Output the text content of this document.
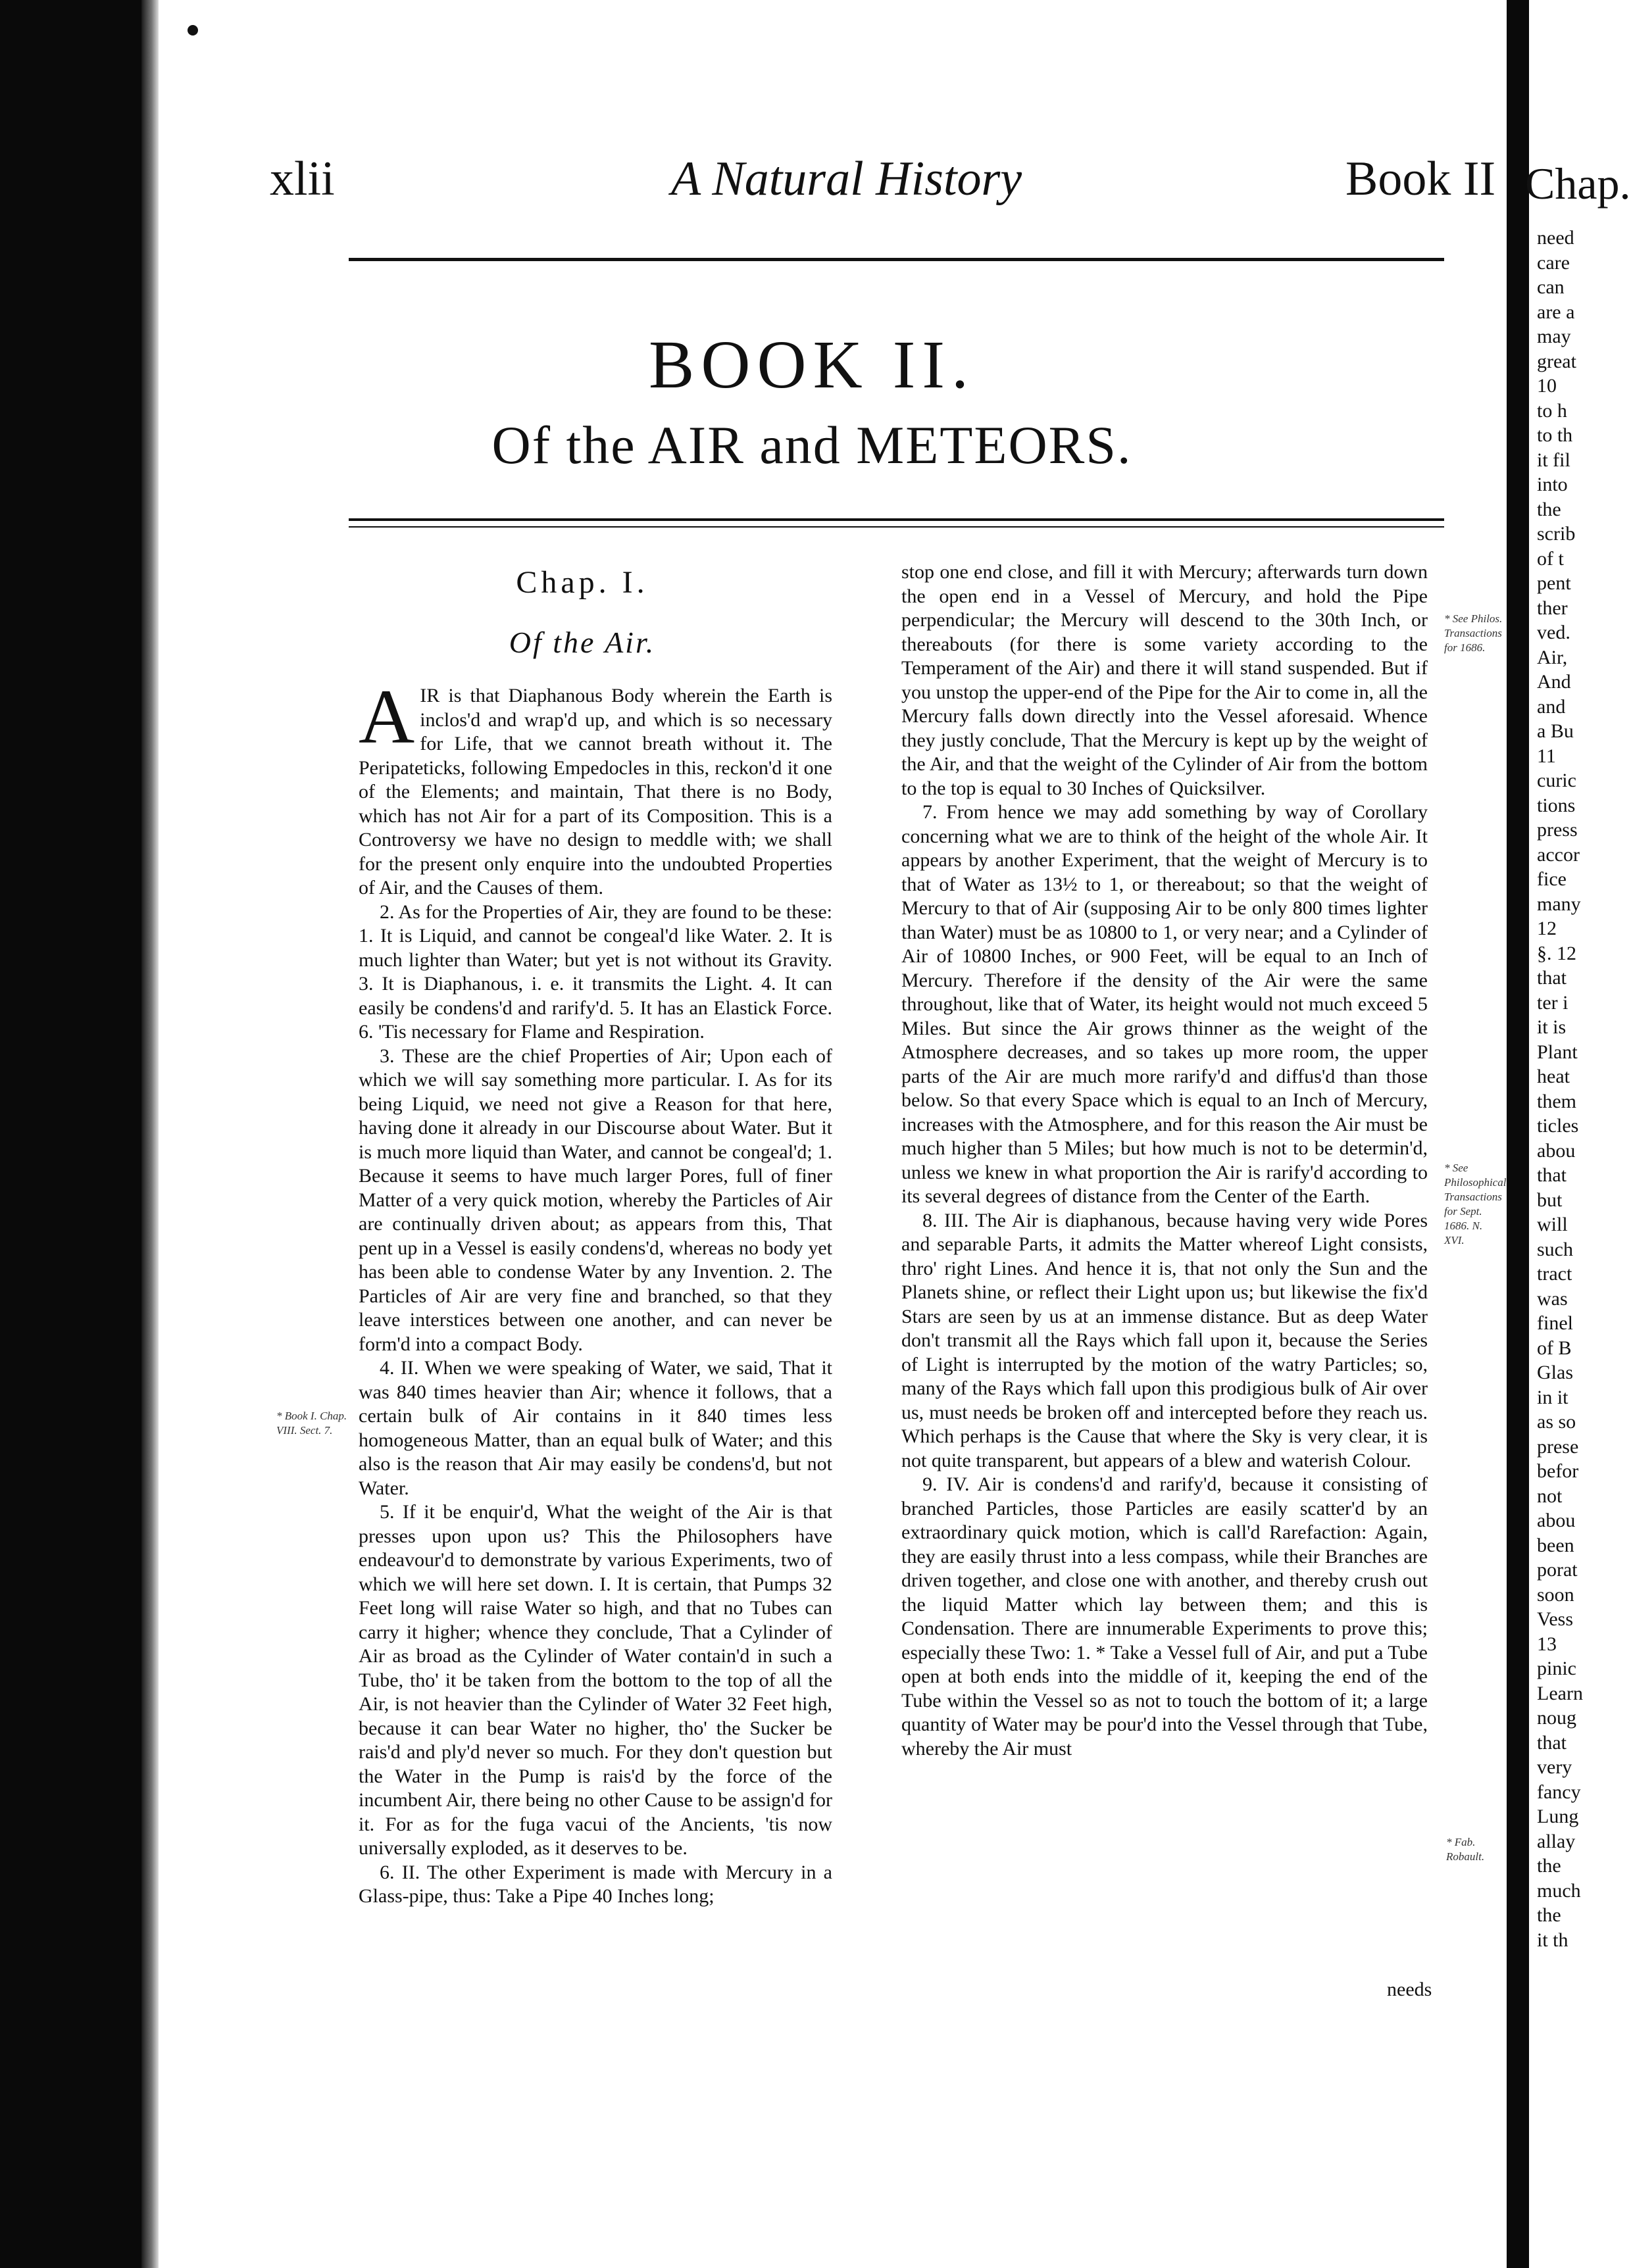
xlii	A Natural History	Book II
BOOK II.
Of the AIR and METEORS.
Chap. I.
Of the Air.

AIR is that Diaphanous Body wherein the Earth is inclos'd and wrap'd up, and which is so necessary for Life, that we cannot breath without it. The Peripateticks, following Empedocles in this, reckon'd it one of the Elements; and maintain, That there is no Body, which has not Air for a part of its Composition. This is a Controversy we have no design to meddle with; we shall for the present only enquire into the undoubted Properties of Air, and the Causes of them.

2. As for the Properties of Air, they are found to be these: 1. It is Liquid, and cannot be congeal'd like Water. 2. It is much lighter than Water; but yet is not without its Gravity. 3. It is Diaphanous, i. e. it transmits the Light. 4. It can easily be condens'd and rarify'd. 5. It has an Elastick Force. 6. 'Tis necessary for Flame and Respiration.

3. These are the chief Properties of Air; Upon each of which we will say something more particular. I. As for its being Liquid, we need not give a Reason for that here, having done it already in our Discourse about Water. But it is much more liquid than Water, and cannot be congeal'd; 1. Because it seems to have much larger Pores, full of finer Matter of a very quick motion, whereby the Particles of Air are continually driven about; as appears from this, That pent up in a Vessel is easily condens'd, whereas no body yet has been able to condense Water by any Invention. 2. The Particles of Air are very fine and branched, so that they leave interstices between one another, and can never be form'd into a compact Body.

4. II. When we were speaking of Water, we said, That it was 840 times heavier than Air; whence it follows, that a certain bulk of Air contains in it 840 times less homogeneous Matter, than an equal bulk of Water; and this also is the reason that Air may easily be condens'd, but not Water.

5. If it be enquir'd, What the weight of the Air is that presses upon upon us? This the Philosophers have endeavour'd to demonstrate by various Experiments, two of which we will here set down. I. It is certain, that Pumps 32 Feet long will raise Water so high, and that no Tubes can carry it higher; whence they conclude, That a Cylinder of Air as broad as the Cylinder of Water contain'd in such a Tube, tho' it be taken from the bottom to the top of all the Air, is not heavier than the Cylinder of Water 32 Feet high, because it can bear Water no higher, tho' the Sucker be rais'd and ply'd never so much. For they don't question but the Water in the Pump is rais'd by the force of the incumbent Air, there being no other Cause to be assign'd for it. For as for the fuga vacui of the Ancients, 'tis now universally exploded, as it deserves to be.

6. II. The other Experiment is made with Mercury in a Glass-pipe, thus: Take a Pipe 40 Inches long;

stop one end close, and fill it with Mercury; afterwards turn down the open end in a Vessel of Mercury, and hold the Pipe perpendicular; the Mercury will descend to the 30th Inch, or thereabouts (for there is some variety according to the Temperament of the Air) and there it will stand suspended. But if you unstop the upper-end of the Pipe for the Air to come in, all the Mercury falls down directly into the Vessel aforesaid. Whence they justly conclude, That the Mercury is kept up by the weight of the Air, and that the weight of the Cylinder of Air from the bottom to the top is equal to 30 Inches of Quicksilver.

7. From hence we may add something by way of Corollary concerning what we are to think of the height of the whole Air. It appears by another Experiment, that the weight of Mercury is to that of Water as 13½ to 1, or thereabout; so that the weight of Mercury to that of Air (supposing Air to be only 800 times lighter than Water) must be as 10800 to 1, or very near; and a Cylinder of Air of 10800 Inches, or 900 Feet, will be equal to an Inch of Mercury. Therefore if the density of the Air were the same throughout, like that of Water, its height would not much exceed 5 Miles. But since the Air grows thinner as the weight of the Atmosphere decreases, and so takes up more room, the upper parts of the Air are much more rarify'd and diffus'd than those below. So that every Space which is equal to an Inch of Mercury, increases with the Atmosphere, and for this reason the Air must be much higher than 5 Miles; but how much is not to be determin'd, unless we knew in what proportion the Air is rarify'd according to its several degrees of distance from the Center of the Earth.

8. III. The Air is diaphanous, because having very wide Pores and separable Parts, it admits the Matter whereof Light consists, thro' right Lines. And hence it is, that not only the Sun and the Planets shine, or reflect their Light upon us; but likewise the fix'd Stars are seen by us at an immense distance. But as deep Water don't transmit all the Rays which fall upon it, because the Series of Light is interrupted by the motion of the watry Particles; so, many of the Rays which fall upon this prodigious bulk of Air over us, must needs be broken off and intercepted before they reach us. Which perhaps is the Cause that where the Sky is very clear, it is not quite transparent, but appears of a blew and waterish Colour.

9. IV. Air is condens'd and rarify'd, because it consisting of branched Particles, those Particles are easily scatter'd by an extraordinary quick motion, which is call'd Rarefaction: Again, they are easily thrust into a less compass, while their Branches are driven together, and close one with another, and thereby crush out the liquid Matter which lay between them; and this is Condensation. There are innumerable Experiments to prove this; especially these Two: 1. * Take a Vessel full of Air, and put a Tube open at both ends into the middle of it, keeping the end of the Tube within the Vessel so as not to touch the bottom of it; a large quantity of Water may be pour'd into the Vessel through that Tube, whereby the Air must

* Book I. Chap. VIII. Sect. 7.
* See Philos. Transactions for 1686.
* See Philosophical Transactions for Sept. 1686. N. XVI.
* Fab. Robault.
needs
Chap.
need
care
can
are a
may
great
10
to h
to th
it fil
into
the
scrib
of t
pent
ther
ved.
Air,
And
and
a Bu
11
curic
tions
press
accor
fice
many
12
§. 12
that
ter i
it is
Plant
heat
them
ticles
abou
that
but
will
such
tract
was
finel
of B
Glas
in it
as so
prese
befor
not
abou
been
porat
soon
Vess
13
pinic
Learn
noug
that
very
fancy
Lung
allay
the
much
the
it th
